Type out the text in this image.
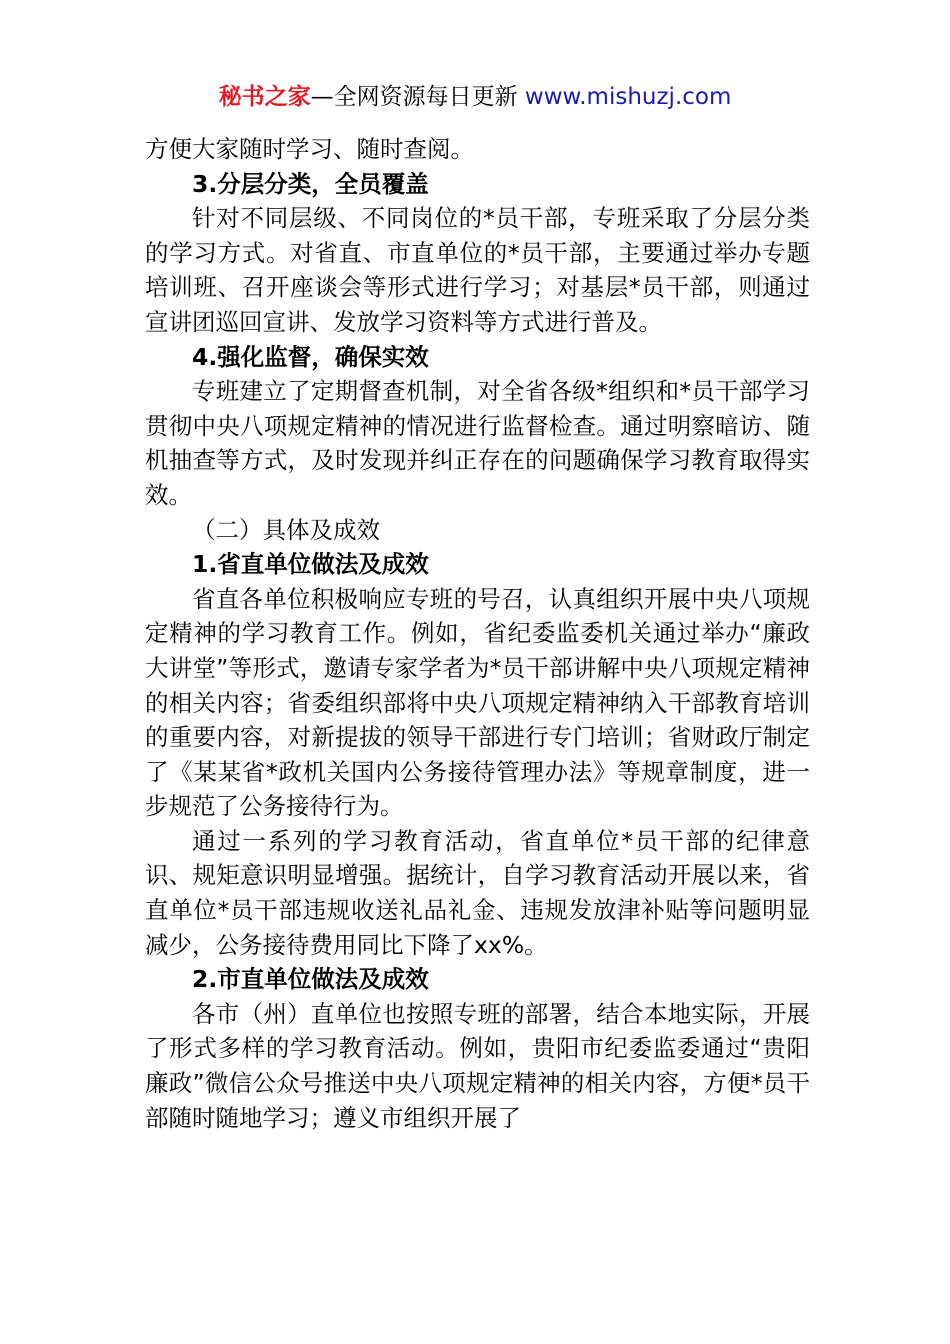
秘书之家—全网资源每日更新 www.mishuzj.com

方便大家随时学习、随时查阅。

3.分层分类，全员覆盖

针对不同层级、不同岗位的*员干部，专班采取了分层分类的学习方式。对省直、市直单位的*员干部，主要通过举办专题培训班、召开座谈会等形式进行学习；对基层*员干部，则通过宣讲团巡回宣讲、发放学习资料等方式进行普及。

4.强化监督，确保实效

专班建立了定期督查机制，对全省各级*组织和*员干部学习贯彻中央八项规定精神的情况进行监督检查。通过明察暗访、随机抽查等方式，及时发现并纠正存在的问题确保学习教育取得实效。

（二）具体及成效

1.省直单位做法及成效

省直各单位积极响应专班的号召，认真组织开展中央八项规定精神的学习教育工作。例如，省纪委监委机关通过举办“廉政大讲堂”等形式，邀请专家学者为*员干部讲解中央八项规定精神的相关内容；省委组织部将中央八项规定精神纳入干部教育培训的重要内容，对新提拔的领导干部进行专门培训；省财政厅制定了《某某省*政机关国内公务接待管理办法》等规章制度，进一步规范了公务接待行为。

通过一系列的学习教育活动，省直单位*员干部的纪律意识、规矩意识明显增强。据统计，自学习教育活动开展以来，省直单位*员干部违规收送礼品礼金、违规发放津补贴等问题明显减少，公务接待费用同比下降了xx%。

2.市直单位做法及成效

各市（州）直单位也按照专班的部署，结合本地实际，开展了形式多样的学习教育活动。例如，贵阳市纪委监委通过“贵阳廉政”微信公众号推送中央八项规定精神的相关内容，方便*员干部随时随地学习；遵义市组织开展了
